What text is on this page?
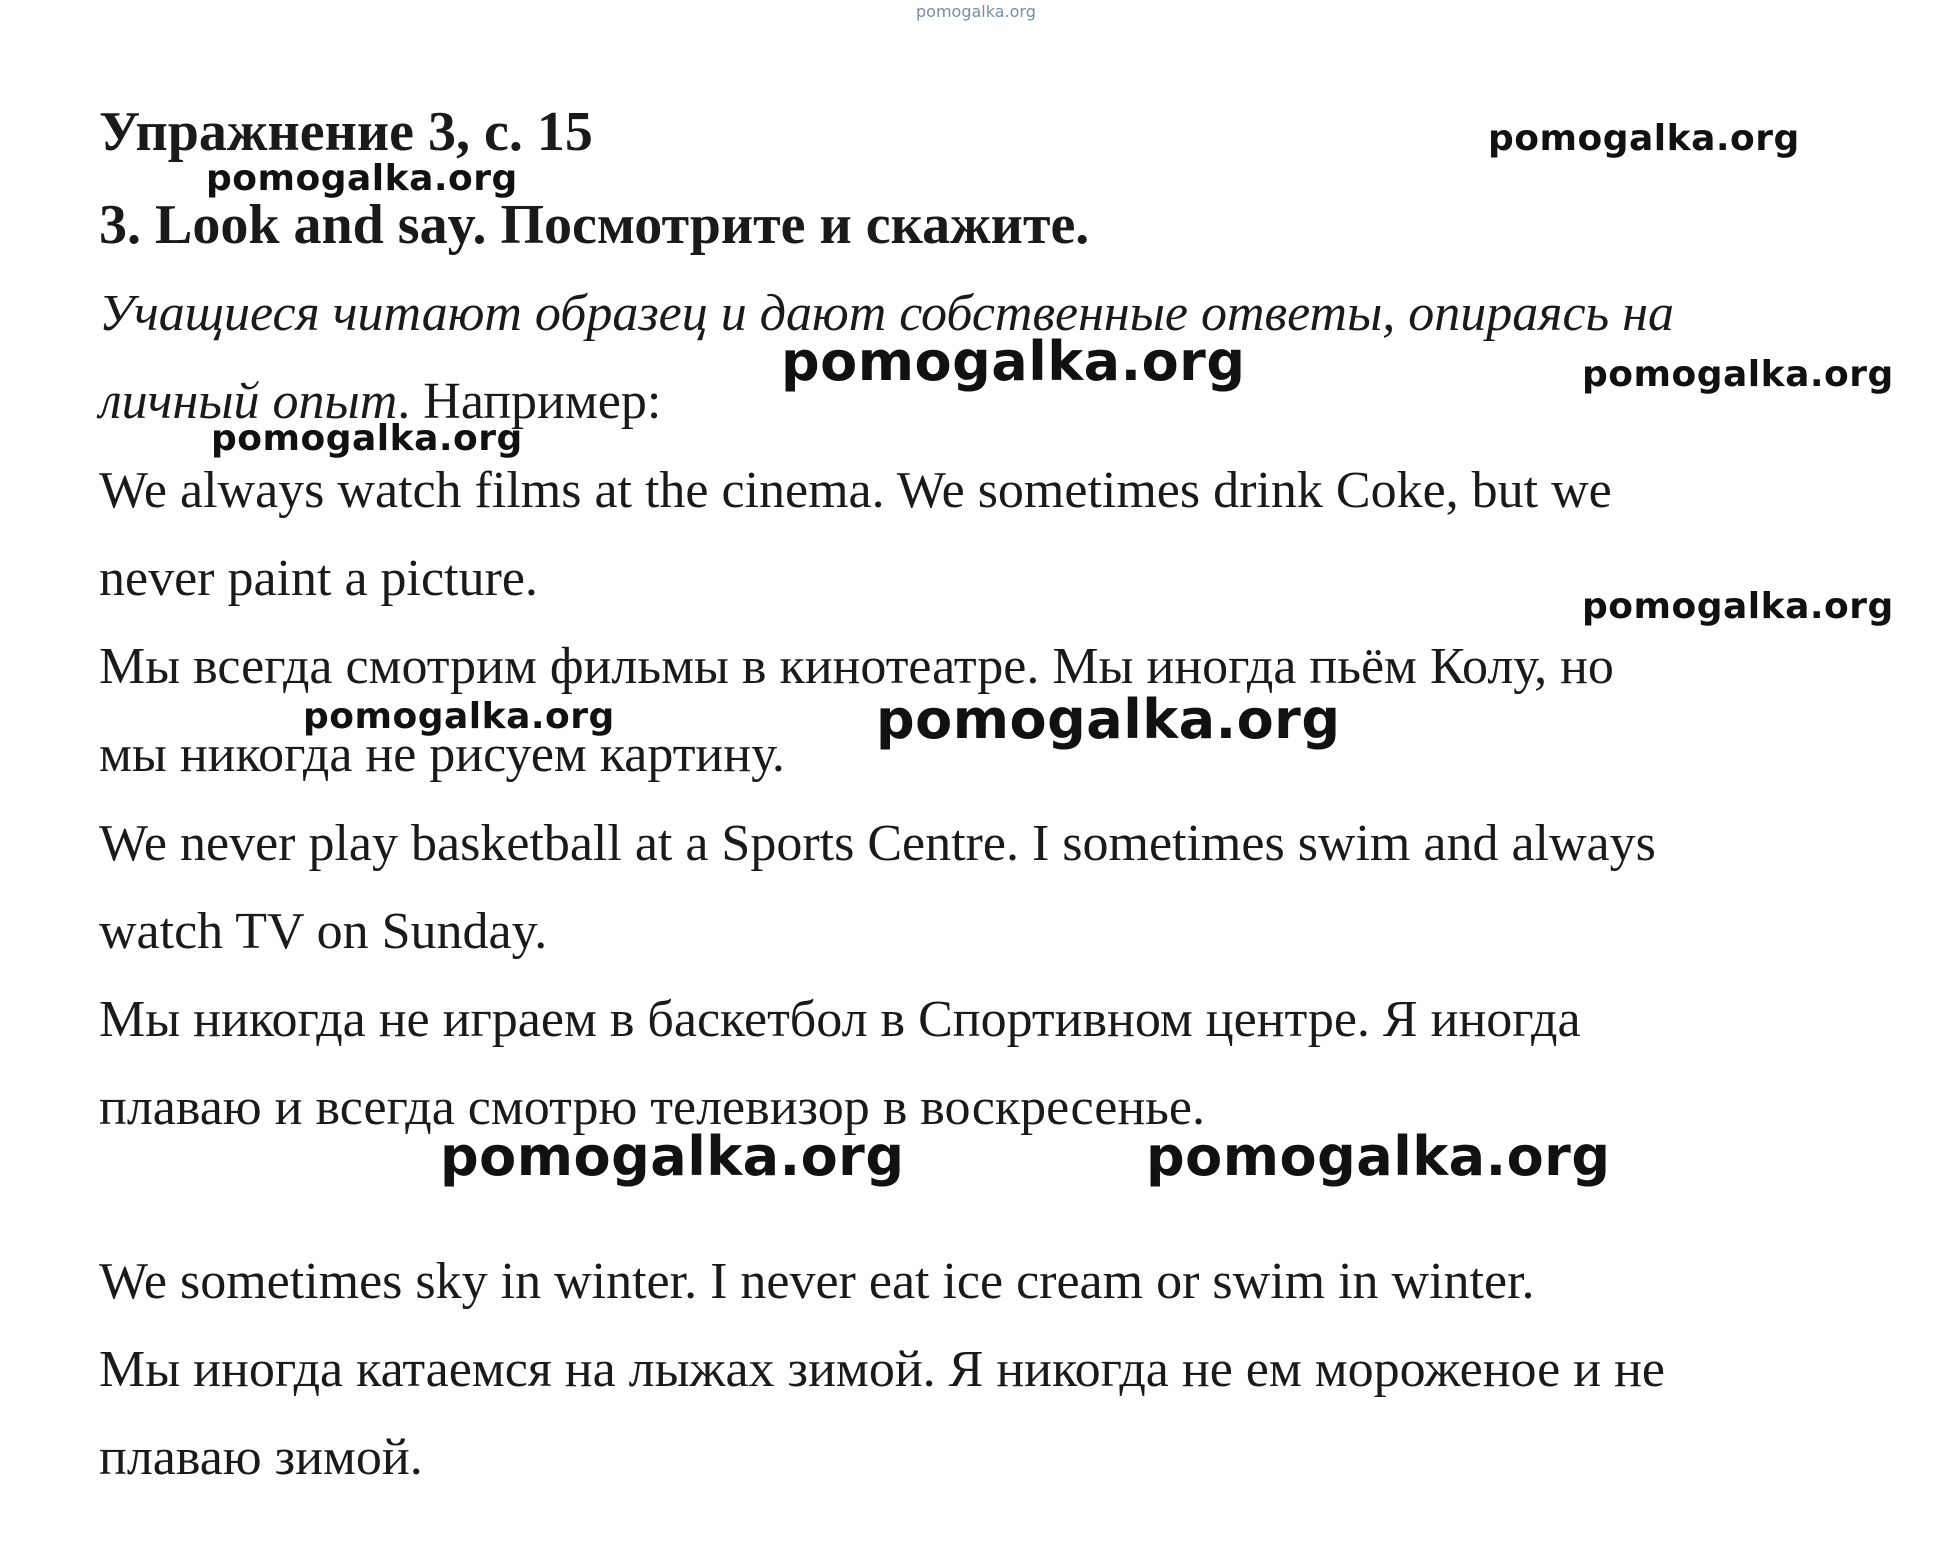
pomogalka.org
Упражнение 3, с. 15
3. Look and say. Посмотрите и скажите.
Учащиеся читают образец и дают собственные ответы, опираясь на
личный опыт. Например:
We always watch films at the cinema. We sometimes drink Coke, but we
never paint a picture.
Мы всегда смотрим фильмы в кинотеатре. Мы иногда пьём Колу, но
мы никогда не рисуем картину.
We never play basketball at a Sports Centre. I sometimes swim and always
watch TV on Sunday.
Мы никогда не играем в баскетбол в Спортивном центре. Я иногда
плаваю и всегда смотрю телевизор в воскресенье.
We sometimes sky in winter. I never eat ice cream or swim in winter.
Мы иногда катаемся на лыжах зимой. Я никогда не ем мороженое и не
плаваю зимой.
pomogalka.org
pomogalka.org
pomogalka.org	pomogalka.org
pomogalka.org
pomogalka.org
pomogalka.org	pomogalka.org
pomogalka.org	pomogalka.org
